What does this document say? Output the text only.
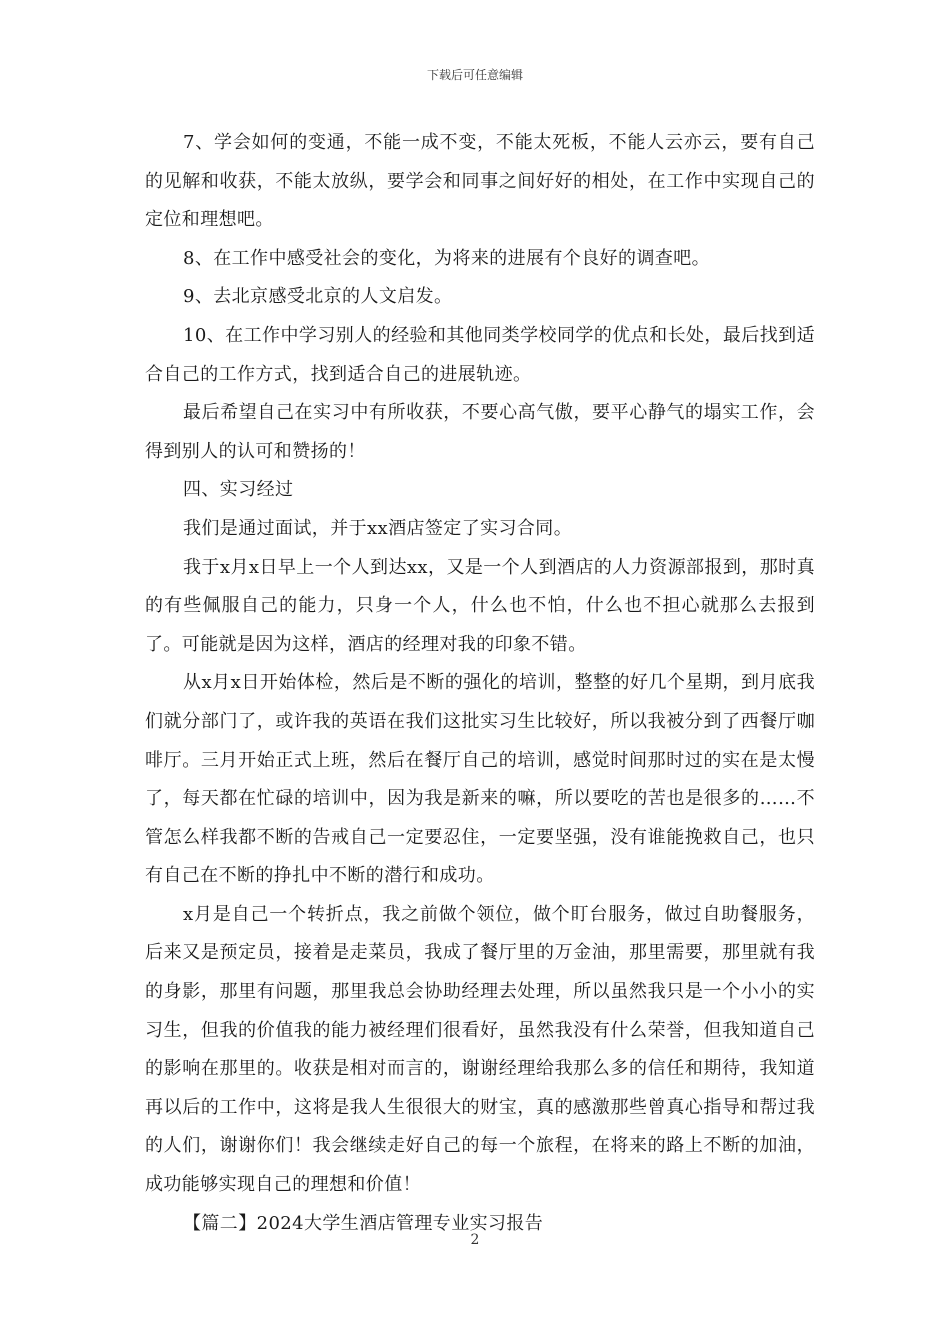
下载后可任意编辑

7、学会如何的变通，不能一成不变，不能太死板，不能人云亦云，要有自己的见解和收获，不能太放纵，要学会和同事之间好好的相处，在工作中实现自己的定位和理想吧。

8、在工作中感受社会的变化，为将来的进展有个良好的调查吧。

9、去北京感受北京的人文启发。

10、在工作中学习别人的经验和其他同类学校同学的优点和长处，最后找到适合自己的工作方式，找到适合自己的进展轨迹。

最后希望自己在实习中有所收获，不要心高气傲，要平心静气的塌实工作，会得到别人的认可和赞扬的！

四、实习经过

我们是通过面试，并于xx酒店签定了实习合同。

我于x月x日早上一个人到达xx，又是一个人到酒店的人力资源部报到，那时真的有些佩服自己的能力，只身一个人，什么也不怕，什么也不担心就那么去报到了。可能就是因为这样，酒店的经理对我的印象不错。

从x月x日开始体检，然后是不断的强化的培训，整整的好几个星期，到月底我们就分部门了，或许我的英语在我们这批实习生比较好，所以我被分到了西餐厅咖啡厅。三月开始正式上班，然后在餐厅自己的培训，感觉时间那时过的实在是太慢了，每天都在忙碌的培训中，因为我是新来的嘛，所以要吃的苦也是很多的……不管怎么样我都不断的告戒自己一定要忍住，一定要坚强，没有谁能挽救自己，也只有自己在不断的挣扎中不断的潜行和成功。

x月是自己一个转折点，我之前做个领位，做个盯台服务，做过自助餐服务，后来又是预定员，接着是走菜员，我成了餐厅里的万金油，那里需要，那里就有我的身影，那里有问题，那里我总会协助经理去处理，所以虽然我只是一个小小的实习生，但我的价值我的能力被经理们很看好，虽然我没有什么荣誉，但我知道自己的影响在那里的。收获是相对而言的，谢谢经理给我那么多的信任和期待，我知道再以后的工作中，这将是我人生很很大的财宝，真的感激那些曾真心指导和帮过我的人们，谢谢你们！我会继续走好自己的每一个旅程，在将来的路上不断的加油，成功能够实现自己的理想和价值！

【篇二】2024大学生酒店管理专业实习报告

2
